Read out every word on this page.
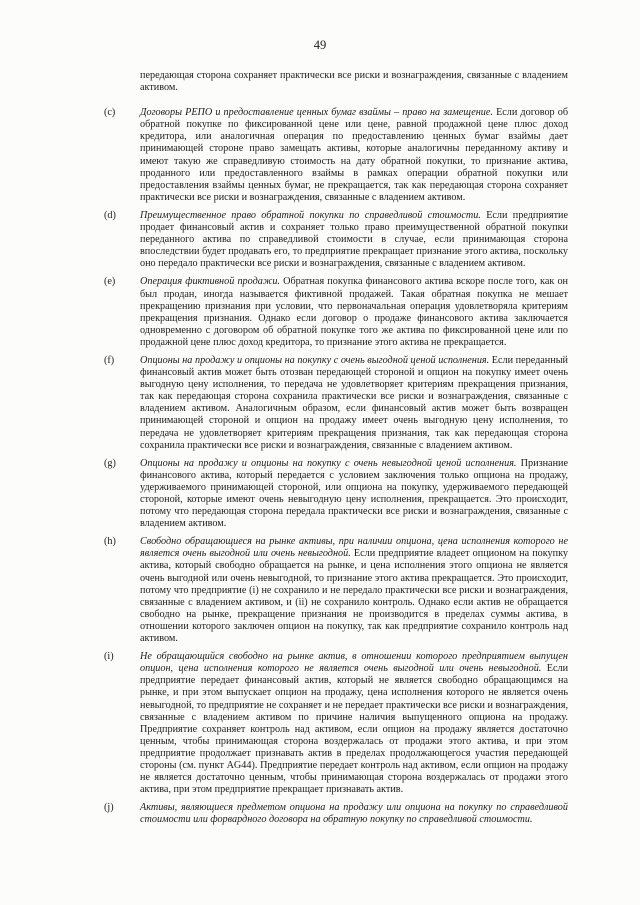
49
передающая сторона сохраняет практически все риски и вознаграждения, связанные с владением активом.
(c)	Договоры РЕПО и предоставление ценных бумаг взаймы – право на замещение. Если договор об обратной покупке по фиксированной цене или цене, равной продажной цене плюс доход кредитора, или аналогичная операция по предоставлению ценных бумаг взаймы дает принимающей стороне право замещать активы, которые аналогичны переданному активу и имеют такую же справедливую стоимость на дату обратной покупки, то признание актива, проданного или предоставленного взаймы в рамках операции обратной покупки или предоставления взаймы ценных бумаг, не прекращается, так как передающая сторона сохраняет практически все риски и вознаграждения, связанные с владением активом.
(d)	Преимущественное право обратной покупки по справедливой стоимости. Если предприятие продает финансовый актив и сохраняет только право преимущественной обратной покупки переданного актива по справедливой стоимости в случае, если принимающая сторона впоследствии будет продавать его, то предприятие прекращает признание этого актива, поскольку оно передало практически все риски и вознаграждения, связанные с владением активом.
(e)	Операция фиктивной продажи. Обратная покупка финансового актива вскоре после того, как он был продан, иногда называется фиктивной продажей. Такая обратная покупка не мешает прекращению признания при условии, что первоначальная операция удовлетворяла критериям прекращения признания. Однако если договор о продаже финансового актива заключается одновременно с договором об обратной покупке того же актива по фиксированной цене или по продажной цене плюс доход кредитора, то признание этого актива не прекращается.
(f)	Опционы на продажу и опционы на покупку с очень выгодной ценой исполнения. Если переданный финансовый актив может быть отозван передающей стороной и опцион на покупку имеет очень выгодную цену исполнения, то передача не удовлетворяет критериям прекращения признания, так как передающая сторона сохранила практически все риски и вознаграждения, связанные с владением активом. Аналогичным образом, если финансовый актив может быть возвращен принимающей стороной и опцион на продажу имеет очень выгодную цену исполнения, то передача не удовлетворяет критериям прекращения признания, так как передающая сторона сохранила практически все риски и вознаграждения, связанные с владением активом.
(g)	Опционы на продажу и опционы на покупку с очень невыгодной ценой исполнения. Признание финансового актива, который передается с условием заключения только опциона на продажу, удерживаемого принимающей стороной, или опциона на покупку, удерживаемого передающей стороной, которые имеют очень невыгодную цену исполнения, прекращается. Это происходит, потому что передающая сторона передала практически все риски и вознаграждения, связанные с владением активом.
(h)	Свободно обращающиеся на рынке активы, при наличии опциона, цена исполнения которого не является очень выгодной или очень невыгодной. Если предприятие владеет опционом на покупку актива, который свободно обращается на рынке, и цена исполнения этого опциона не является очень выгодной или очень невыгодной, то признание этого актива прекращается. Это происходит, потому что предприятие (i) не сохранило и не передало практически все риски и вознаграждения, связанные с владением активом, и (ii) не сохранило контроль. Однако если актив не обращается свободно на рынке, прекращение признания не производится в пределах суммы актива, в отношении которого заключен опцион на покупку, так как предприятие сохранило контроль над активом.
(i)	Не обращающийся свободно на рынке актив, в отношении которого предприятием выпущен опцион, цена исполнения которого не является очень выгодной или очень невыгодной. Если предприятие передает финансовый актив, который не является свободно обращающимся на рынке, и при этом выпускает опцион на продажу, цена исполнения которого не является очень невыгодной, то предприятие не сохраняет и не передает практически все риски и вознаграждения, связанные с владением активом по причине наличия выпущенного опциона на продажу. Предприятие сохраняет контроль над активом, если опцион на продажу является достаточно ценным, чтобы принимающая сторона воздержалась от продажи этого актива, и при этом предприятие продолжает признавать актив в пределах продолжающегося участия передающей стороны (см. пункт AG44). Предприятие передает контроль над активом, если опцион на продажу не является достаточно ценным, чтобы принимающая сторона воздержалась от продажи этого актива, при этом предприятие прекращает признавать актив.
(j)	Активы, являющиеся предметом опциона на продажу или опциона на покупку по справедливой стоимости или форвардного договора на обратную покупку по справедливой стоимости.
